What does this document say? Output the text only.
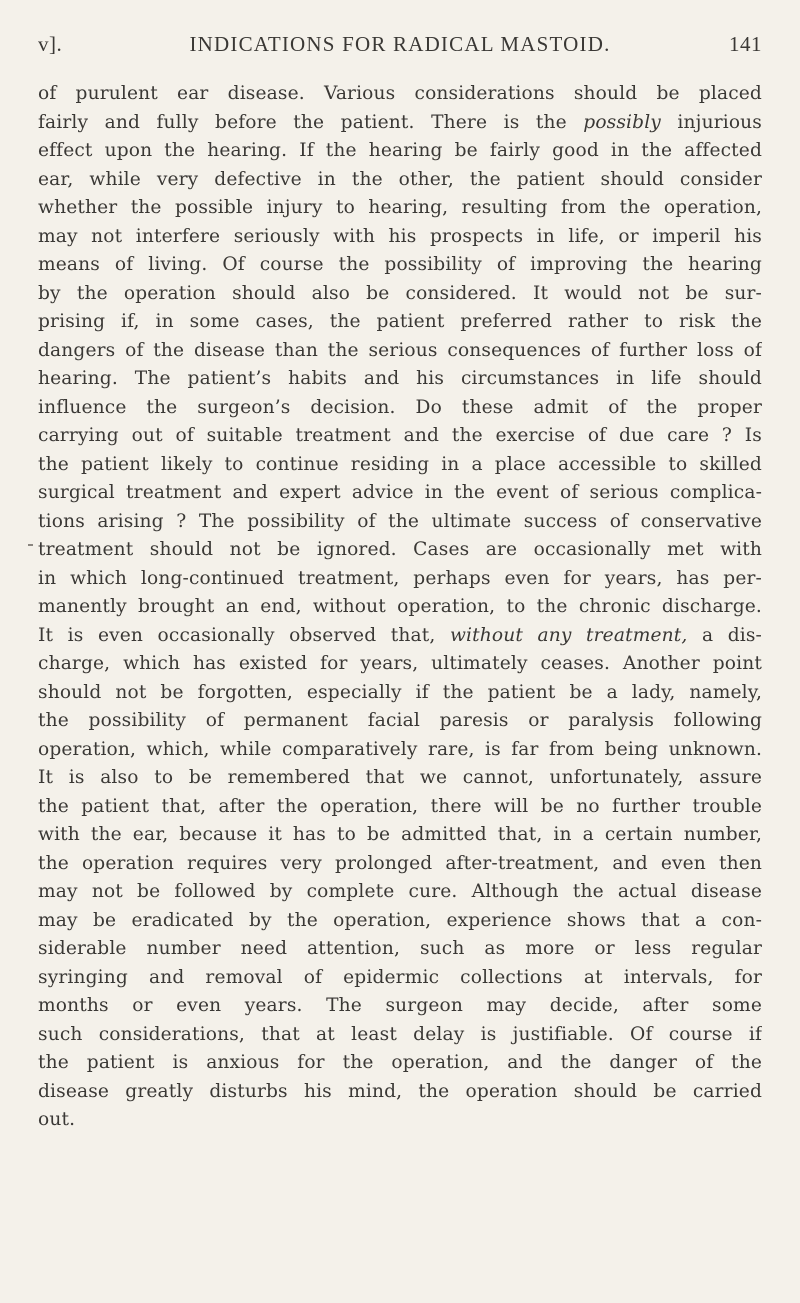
v].	INDICATIONS FOR RADICAL MASTOID.	141
of purulent ear disease. Various considerations should be placed
fairly and fully before the patient. There is the possibly injurious
effect upon the hearing. If the hearing be fairly good in the affected
ear, while very defective in the other, the patient should consider
whether the possible injury to hearing, resulting from the operation,
may not interfere seriously with his prospects in life, or imperil his
means of living. Of course the possibility of improving the hearing
by the operation should also be considered. It would not be sur-
prising if, in some cases, the patient preferred rather to risk the
dangers of the disease than the serious consequences of further loss of
hearing. The patient’s habits and his circumstances in life should
influence the surgeon’s decision. Do these admit of the proper
carrying out of suitable treatment and the exercise of due care ? Is
the patient likely to continue residing in a place accessible to skilled
surgical treatment and expert advice in the event of serious complica-
tions arising ? The possibility of the ultimate success of conservative
treatment should not be ignored. Cases are occasionally met with
in which long-continued treatment, perhaps even for years, has per-
manently brought an end, without operation, to the chronic discharge.
It is even occasionally observed that, without any treatment, a dis-
charge, which has existed for years, ultimately ceases. Another point
should not be forgotten, especially if the patient be a lady, namely,
the possibility of permanent facial paresis or paralysis following
operation, which, while comparatively rare, is far from being unknown.
It is also to be remembered that we cannot, unfortunately, assure
the patient that, after the operation, there will be no further trouble
with the ear, because it has to be admitted that, in a certain number,
the operation requires very prolonged after-treatment, and even then
may not be followed by complete cure. Although the actual disease
may be eradicated by the operation, experience shows that a con-
siderable number need attention, such as more or less regular
syringing and removal of epidermic collections at intervals, for
months or even years. The surgeon may decide, after some
such considerations, that at least delay is justifiable. Of course if
the patient is anxious for the operation, and the danger of the
disease greatly disturbs his mind, the operation should be carried
out.
